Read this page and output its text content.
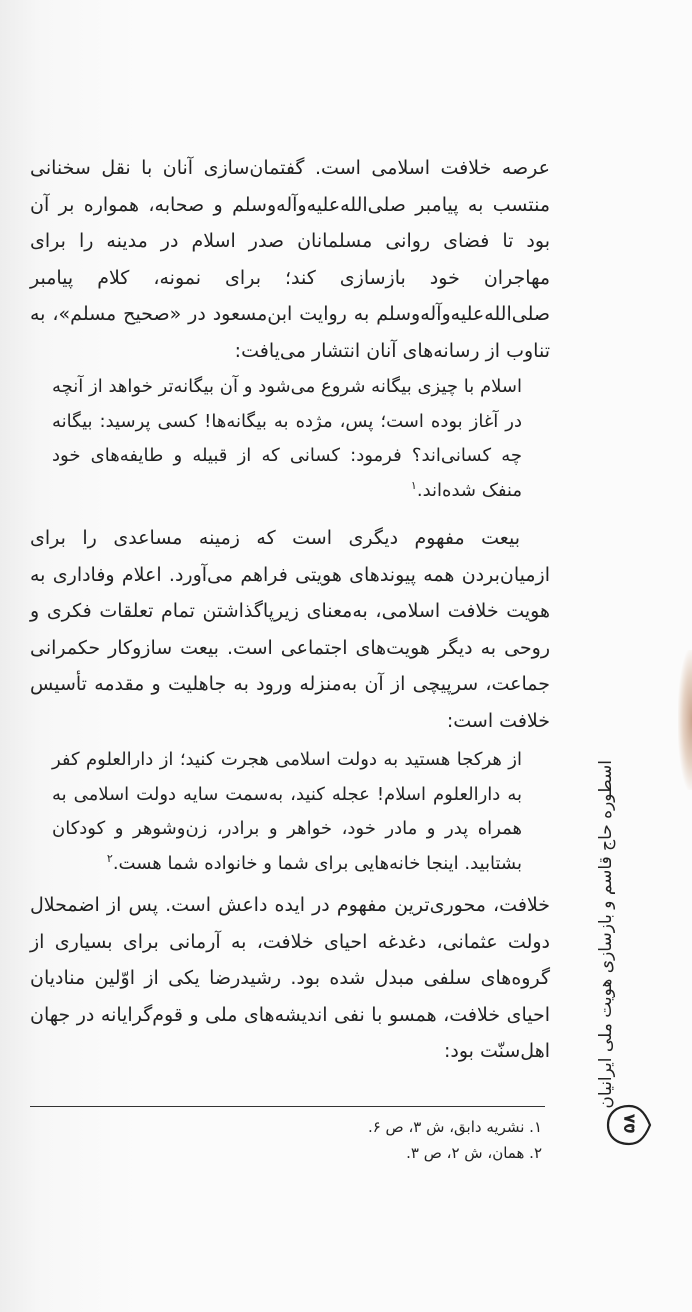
عرصه خلافت اسلامی است. گفتمان‌سازی آنان با نقل سخنانی منتسب به پیامبر صلی‌الله‌علیه‌وآله‌وسلم و صحابه، همواره بر آن بود تا فضای روانی مسلمانان صدر اسلام در مدینه را برای مهاجران خود بازسازی کند؛ برای نمونه، کلام پیامبر صلی‌الله‌علیه‌وآله‌وسلم به روایت ابن‌مسعود در «صحیح مسلم»، به تناوب از رسانه‌های آنان انتشار می‌یافت:

اسلام با چیزی بیگانه شروع می‌شود و آن بیگانه‌تر خواهد از آنچه در آغاز بوده است؛ پس، مژده به بیگانه‌ها! کسی پرسید: بیگانه چه کسانی‌اند؟ فرمود: کسانی که از قبیله و طایفه‌های خود منفک شده‌اند.$^۱$

بیعت مفهوم دیگری است که زمینه مساعدی را برای ازمیان‌بردن همه پیوندهای هویتی فراهم می‌آورد. اعلام وفاداری به هویت خلافت اسلامی، به‌معنای زیرپاگذاشتن تمام تعلقات فکری و روحی به دیگر هویت‌های اجتماعی است. بیعت سازوکار حکمرانی جماعت، سرپیچی از آن به‌منزله ورود به جاهلیت و مقدمه تأسیس خلافت است:

از هرکجا هستید به دولت اسلامی هجرت کنید؛ از دارالعلوم کفر به دارالعلوم اسلام! عجله کنید، به‌سمت سایه دولت اسلامی به همراه پدر و مادر خود، خواهر و برادر، زن‌وشوهر و کودکان بشتابید. اینجا خانه‌هایی برای شما و خانواده شما هست.$^۲$

خلافت، محوری‌ترین مفهوم در ایده داعش است. پس از اضمحلال دولت عثمانی، دغدغه احیای خلافت، به آرمانی برای بسیاری از گروه‌های سلفی مبدل شده بود. رشیدرضا یکی از اوّلین منادیان احیای خلافت، همسو با نفی اندیشه‌های ملی و قوم‌گرایانه در جهان اهل‌سنّت بود:

۱. نشریه دابق، ش ۳، ص ۶.

۲. همان، ش ۲، ص ۳.

اسطوره حاج قاسم و بازسازی هویت ملی ایرانیان

۵۸
